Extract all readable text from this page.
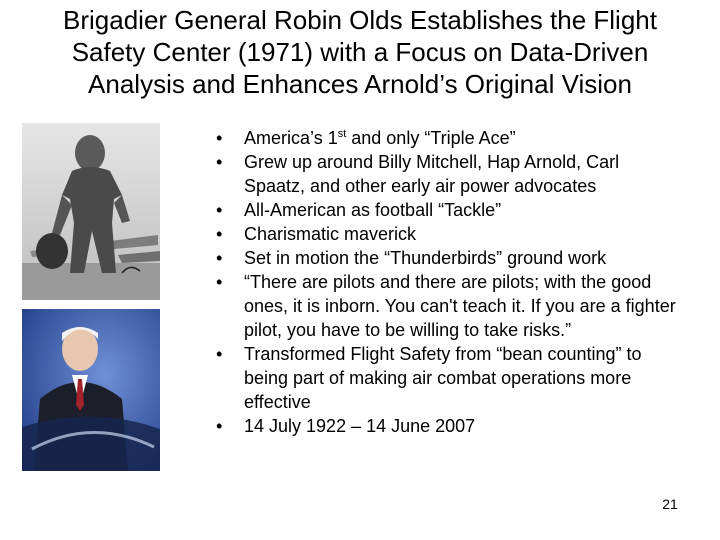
Brigadier General Robin Olds Establishes the Flight
Safety Center (1971) with a Focus on Data-Driven
Analysis and Enhances Arnold’s Original Vision
•	America’s 1st and only “Triple Ace”
•	Grew up around Billy Mitchell, Hap Arnold, Carl Spaatz, and other early air power advocates
•	All-American as football “Tackle”
•	Charismatic maverick
•	Set in motion the “Thunderbirds” ground work
•	“There are pilots and there are pilots; with the good ones, it is inborn. You can't teach it. If you are a fighter pilot, you have to be willing to take risks.”
•	Transformed Flight Safety from “bean counting” to being part of making air combat operations more effective
•	14 July 1922 – 14 June 2007
21
